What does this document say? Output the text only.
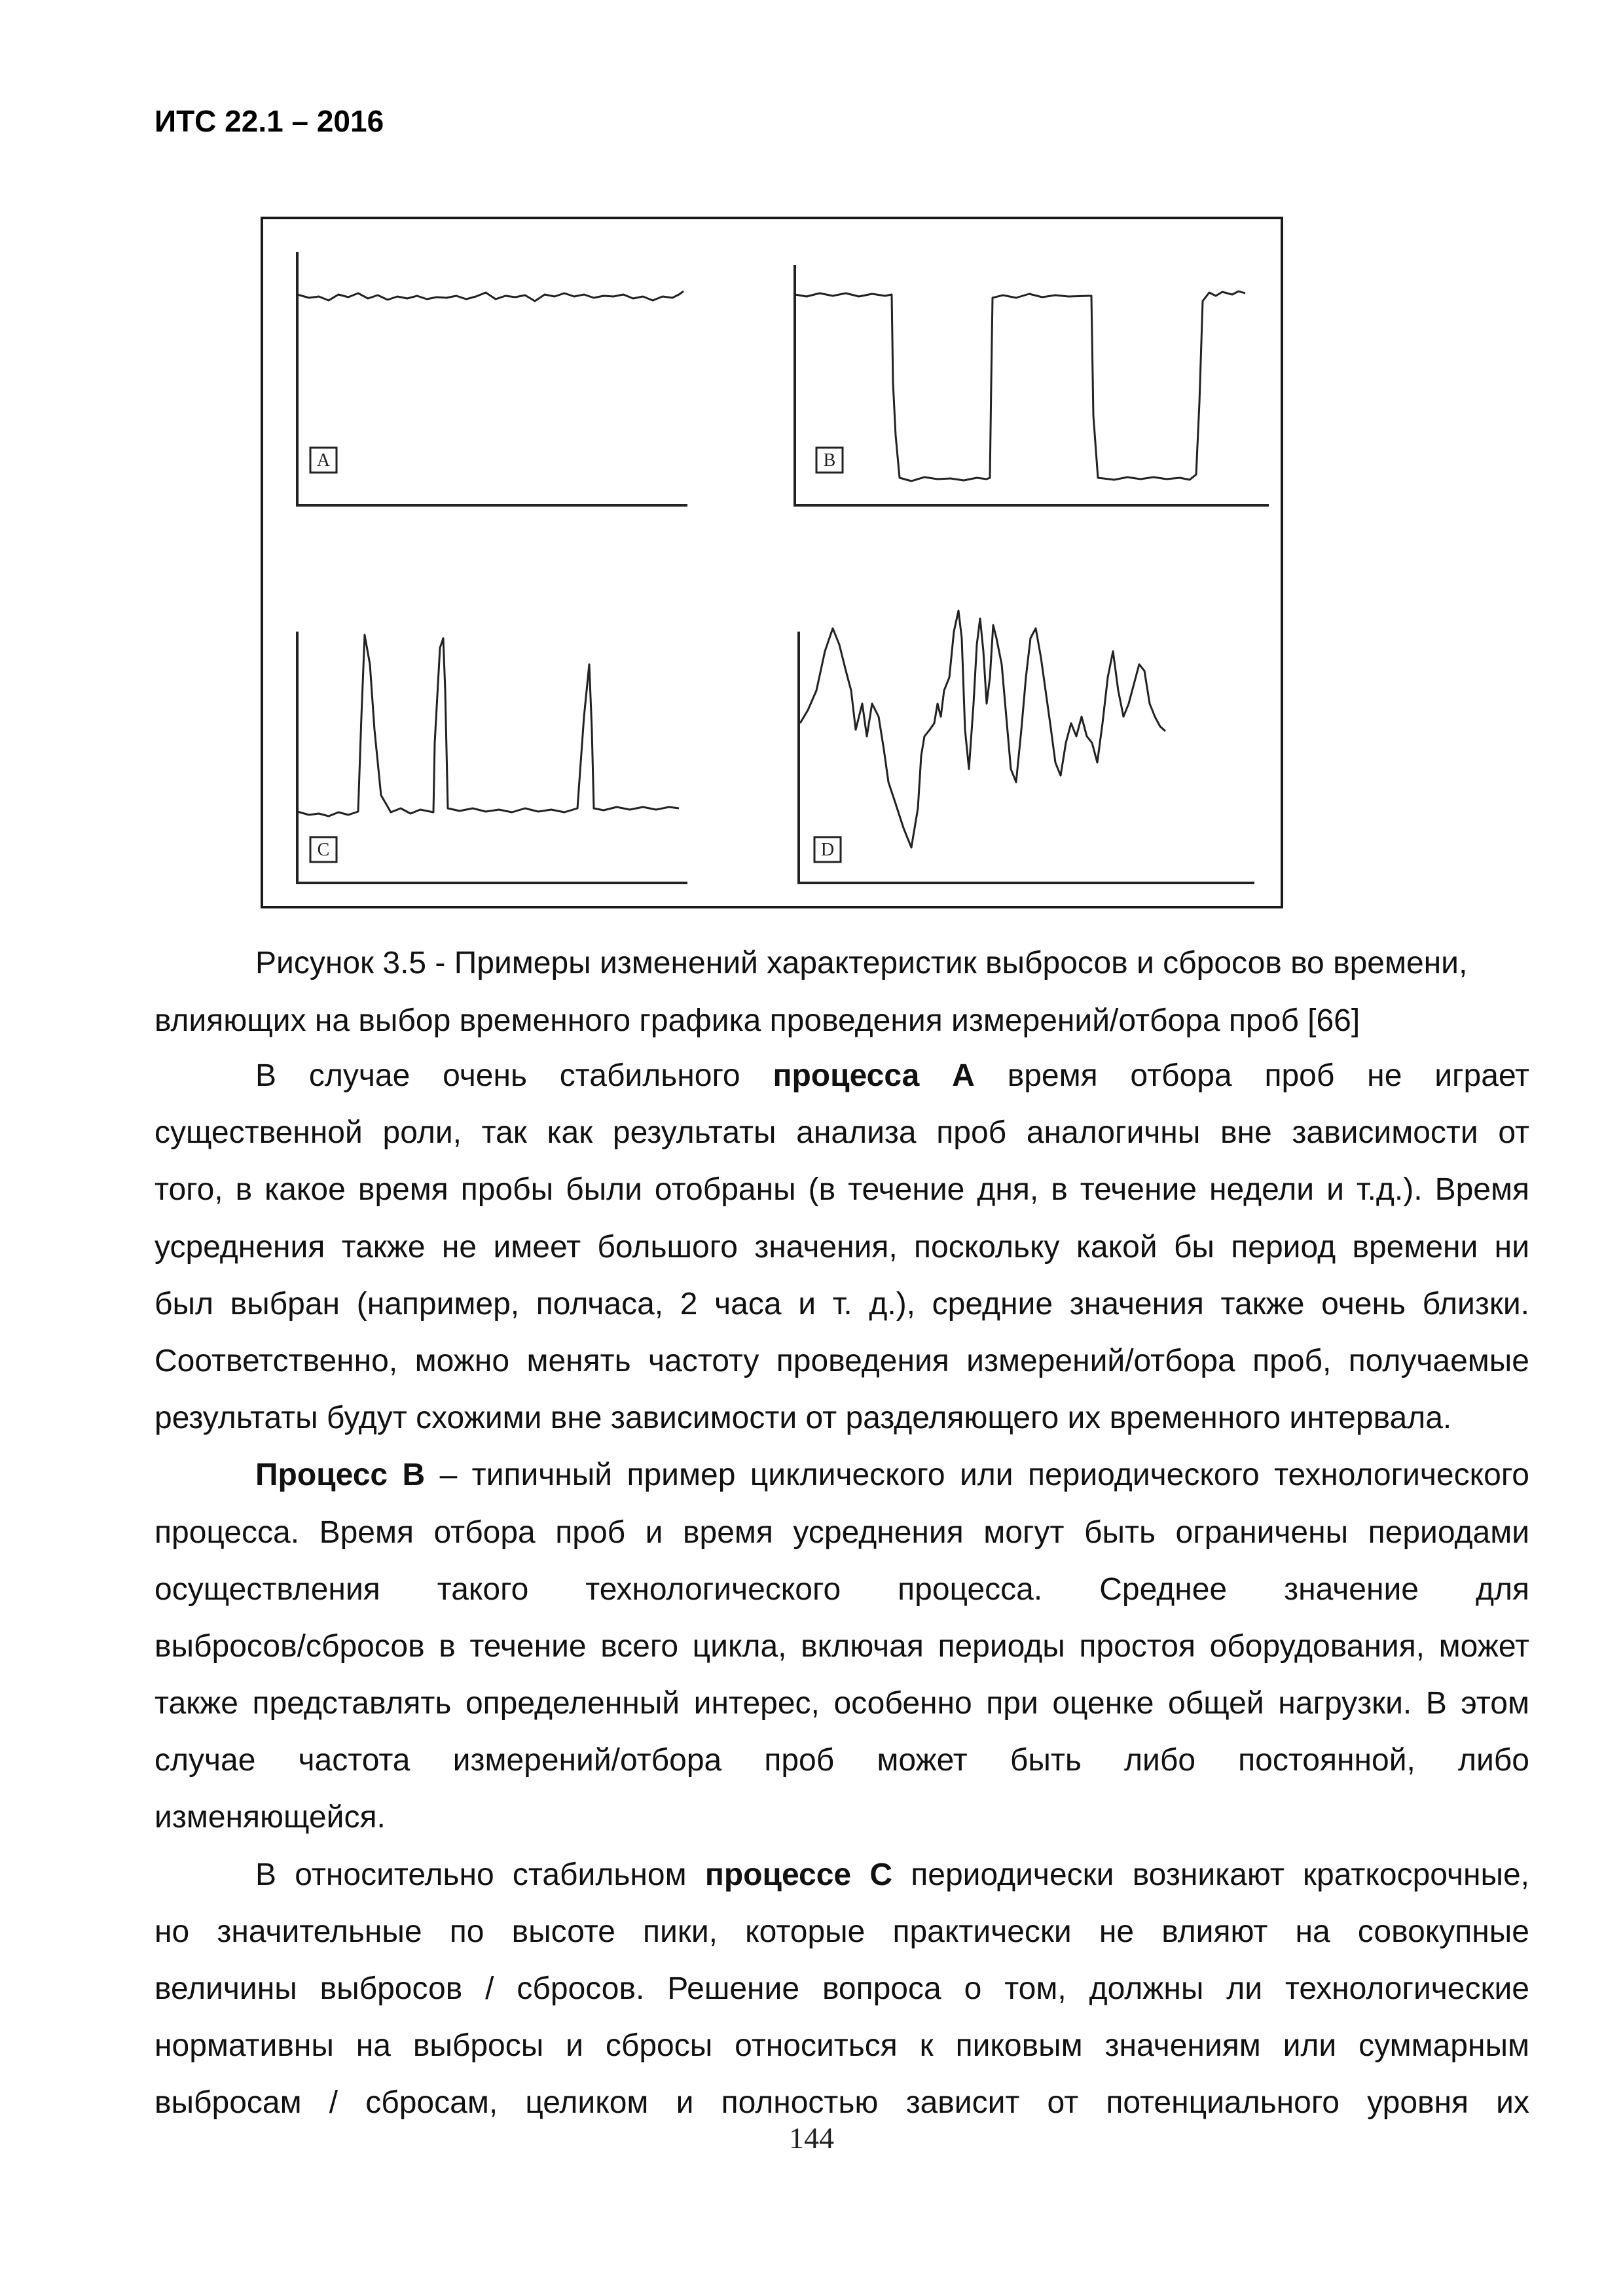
ИТС 22.1 – 2016
A	B
C	D
Рисунок 3.5 - Примеры изменений характеристик выбросов и сбросов во времени,
влияющих на выбор временного графика проведения измерений/отбора проб [66]
В случае очень стабильного процесса А время отбора проб не играет
существенной роли, так как результаты анализа проб аналогичны вне зависимости от
того, в какое время пробы были отобраны (в течение дня, в течение недели и т.д.). Время
усреднения также не имеет большого значения, поскольку какой бы период времени ни
был выбран (например, полчаса, 2 часа и т. д.), средние значения также очень близки.
Соответственно, можно менять частоту проведения измерений/отбора проб, получаемые
результаты будут схожими вне зависимости от разделяющего их временного интервала.
Процесс В – типичный пример циклического или периодического технологического
процесса. Время отбора проб и время усреднения могут быть ограничены периодами
осуществления такого технологического процесса. Среднее значение для
выбросов/сбросов в течение всего цикла, включая периоды простоя оборудования, может
также представлять определенный интерес, особенно при оценке общей нагрузки. В этом
случае частота измерений/отбора проб может быть либо постоянной, либо
изменяющейся.
В относительно стабильном процессе С периодически возникают краткосрочные,
но значительные по высоте пики, которые практически не влияют на совокупные
величины выбросов / сбросов. Решение вопроса о том, должны ли технологические
нормативны на выбросы и сбросы относиться к пиковым значениям или суммарным
выбросам / сбросам, целиком и полностью зависит от потенциального уровня их
144
